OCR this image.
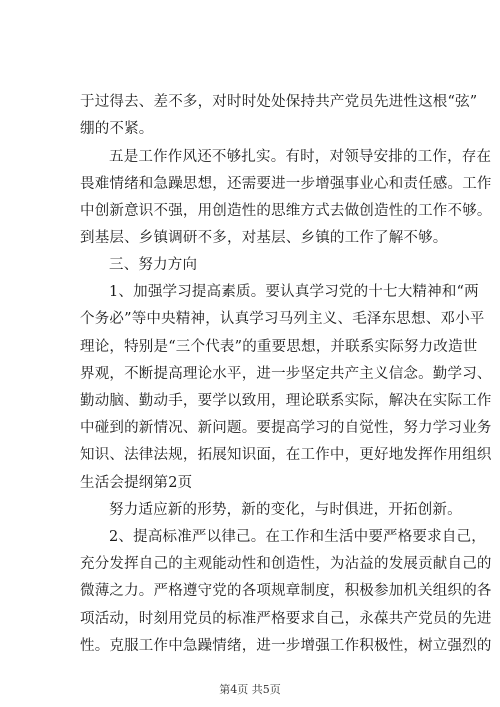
于过得去、差不多，对时时处处保持共产党员先进性这根“弦”
绷的不紧。
五是工作作风还不够扎实。有时，对领导安排的工作，存在
畏难情绪和急躁思想，还需要进一步增强事业心和责任感。工作
中创新意识不强，用创造性的思维方式去做创造性的工作不够。
到基层、乡镇调研不多，对基层、乡镇的工作了解不够。
三、努力方向
1、加强学习提高素质。要认真学习党的十七大精神和“两
个务必”等中央精神，认真学习马列主义、毛泽东思想、邓小平
理论，特别是“三个代表”的重要思想，并联系实际努力改造世
界观，不断提高理论水平，进一步坚定共产主义信念。勤学习、
勤动脑、勤动手，要学以致用，理论联系实际，解决在实际工作
中碰到的新情况、新问题。要提高学习的自觉性，努力学习业务
知识、法律法规，拓展知识面，在工作中，更好地发挥作用组织
生活会提纲第2页
努力适应新的形势，新的变化，与时俱进，开拓创新。
2、提高标准严以律己。在工作和生活中要严格要求自己，
充分发挥自己的主观能动性和创造性，为沾益的发展贡献自己的
微薄之力。严格遵守党的各项规章制度，积极参加机关组织的各
项活动，时刻用党员的标准严格要求自己，永葆共产党员的先进
性。克服工作中急躁情绪，进一步增强工作积极性，树立强烈的
第4页 共5页
